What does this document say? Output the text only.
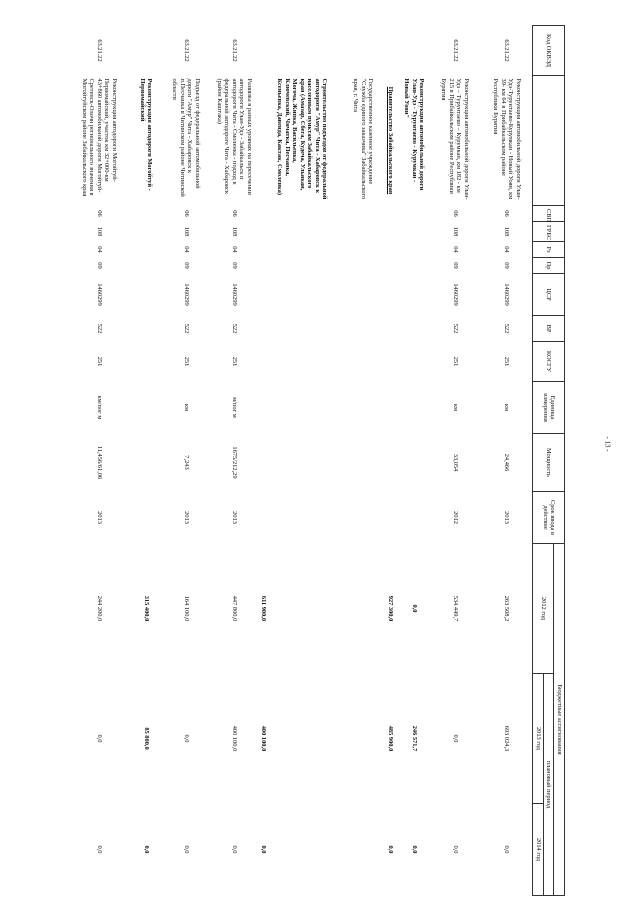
Код ОКВЭД		СВП	ГРБС	Рз	Пр	ЦСР	ВР	КОСГУ	Единица измерения	Мощность	Срок ввода в действие	Бюджетные ассигнования		
												2012 год	плановый период	
													2013 год	2014 год
63.21.22	Реконструкция автомобильной дороги Улан-Удэ-Турунтаево-Курумкан - Новый Уоян, км 39- км 64 в Прибайкальском районе Республики Бурятия	06	108	04	09	1460299	522	251	км	24,466	2013	263 508,2	693 024,3	0,0
63.21.22	Реконструкция автомобильной дороги Улан-Удэ – Турунтаево – Курумкан, км 182 - км 215 в Прибайкальском районе Республики Бурятия	06	108	04	09	1460299	522	251	км	33,054	2012	534 449,7	0,0	0,0
	Реконструкция автомобильной дороги Улан-Удэ - Турунтаево - Курумкан - Новый Уоян"											0,0	246 571,7	0,0
	Правительство Забайкальского края											927 300,0	485 900,0	0,0
	Государственное казенное учреждение "Служба единого заказчика" Забайкальского края, г. Чита													
	Строительство подъездов от федеральной автодороги "Амур" Чита - Хабаровск к населенным пунктам Забайкальского края (Амазар, Сбега, Кудеча, Ульякан, Могоча, Жипка, Васильевка, Ключевский, Чичатка, Песчанка, Ксеньевка, Давенда, Кактак, Смоленка)											611 900,0	400 100,0	0,0
63.21.22	Развязка в разных уровнях на пересечении автодороги Улан-Удэ - Забайкальск и автодороги Чита - Смоленка - подход к федеральной автодороге Чита - Хабаровск (район Каштака)	06	108	04	09	1460299	522	251	м/пог м	1675/212,29	2013	447 800,0	400 100,0	0,0
63.21.22	Подъезд от федеральной автомобильной дороги "Амур" Чита - Хабаровск к п.Песчанка в Читинском районе Читинской области	06	108	04	09	1460299	522	251	км	7,243	2013	164 100,0	0,0	0,0
	Реконструкция автодороги Могойтуй - Первомайский											315 400,0	85 800,0	0,0
63.21.22	Реконструкция автодороги Могойтуй-Первомайский, участок км 32+000-км 43+860 автомобильной дороги Могойтуй-Сретенск-Олочи регионального значения в Могойтуйском районе Забайкальского края	06	108	04	09	1460299	522	251	км/пог м	11,456/61,06	2013	244 200,0	0,0	0,0
- 13 -
